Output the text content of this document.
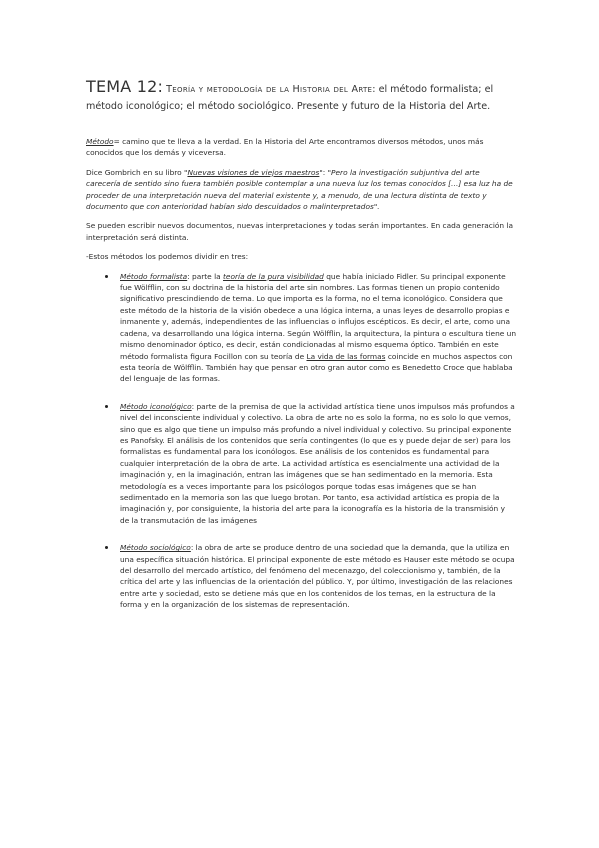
TEMA 12: Teoría y metodología de la Historia del Arte: el método formalista; el método iconológico; el método sociológico. Presente y futuro de la Historia del Arte.

Método= camino que te lleva a la verdad. En la Historia del Arte encontramos diversos métodos, unos más conocidos que los demás y viceversa.

Dice Gombrich en su libro "Nuevas visiones de viejos maestros": "Pero la investigación subjuntiva del arte carecería de sentido sino fuera también posible contemplar a una nueva luz los temas conocidos […] esa luz ha de proceder de una interpretación nueva del material existente y, a menudo, de una lectura distinta de texto y documento que con anterioridad habían sido descuidados o malinterpretados".

Se pueden escribir nuevos documentos, nuevas interpretaciones y todas serán importantes. En cada generación la interpretación será distinta.

-Estos métodos los podemos dividir en tres:

Método formalista: parte la teoría de la pura visibilidad que había iniciado Fidler. Su principal exponente fue Wölfflin, con su doctrina de la historia del arte sin nombres. Las formas tienen un propio contenido significativo prescindiendo de tema. Lo que importa es la forma, no el tema iconológico. Considera que este método de la historia de la visión obedece a una lógica interna, a unas leyes de desarrollo propias e inmanente y, además, independientes de las influencias o influjos escépticos. Es decir, el arte, como una cadena, va desarrollando una lógica interna. Según Wölfflin, la arquitectura, la pintura o escultura tiene un mismo denominador óptico, es decir, están condicionadas al mismo esquema óptico. También en este método formalista figura Focillon con su teoría de La vida de las formas coincide en muchos aspectos con esta teoría de Wölfflin. También hay que pensar en otro gran autor como es Benedetto Croce que hablaba del lenguaje de las formas.
Método iconológico: parte de la premisa de que la actividad artística tiene unos impulsos más profundos a nivel del inconsciente individual y colectivo. La obra de arte no es solo la forma, no es solo lo que vemos, sino que es algo que tiene un impulso más profundo a nivel individual y colectivo. Su principal exponente es Panofsky. El análisis de los contenidos que sería contingentes (lo que es y puede dejar de ser) para los formalistas es fundamental para los iconólogos. Ese análisis de los contenidos es fundamental para cualquier interpretación de la obra de arte. La actividad artística es esencialmente una actividad de la imaginación y, en la imaginación, entran las imágenes que se han sedimentado en la memoria. Esta metodología es a veces importante para los psicólogos porque todas esas imágenes que se han sedimentado en la memoria son las que luego brotan. Por tanto, esa actividad artística es propia de la imaginación y, por consiguiente, la historia del arte para la iconografía es la historia de la transmisión y de la transmutación de las imágenes
Método sociológico: la obra de arte se produce dentro de una sociedad que la demanda, que la utiliza en una específica situación histórica. El principal exponente de este método es Hauser este método se ocupa del desarrollo del mercado artístico, del fenómeno del mecenazgo, del coleccionismo y, también, de la crítica del arte y las influencias de la orientación del público. Y, por último, investigación de las relaciones entre arte y sociedad, esto se detiene más que en los contenidos de los temas, en la estructura de la forma y en la organización de los sistemas de representación.
